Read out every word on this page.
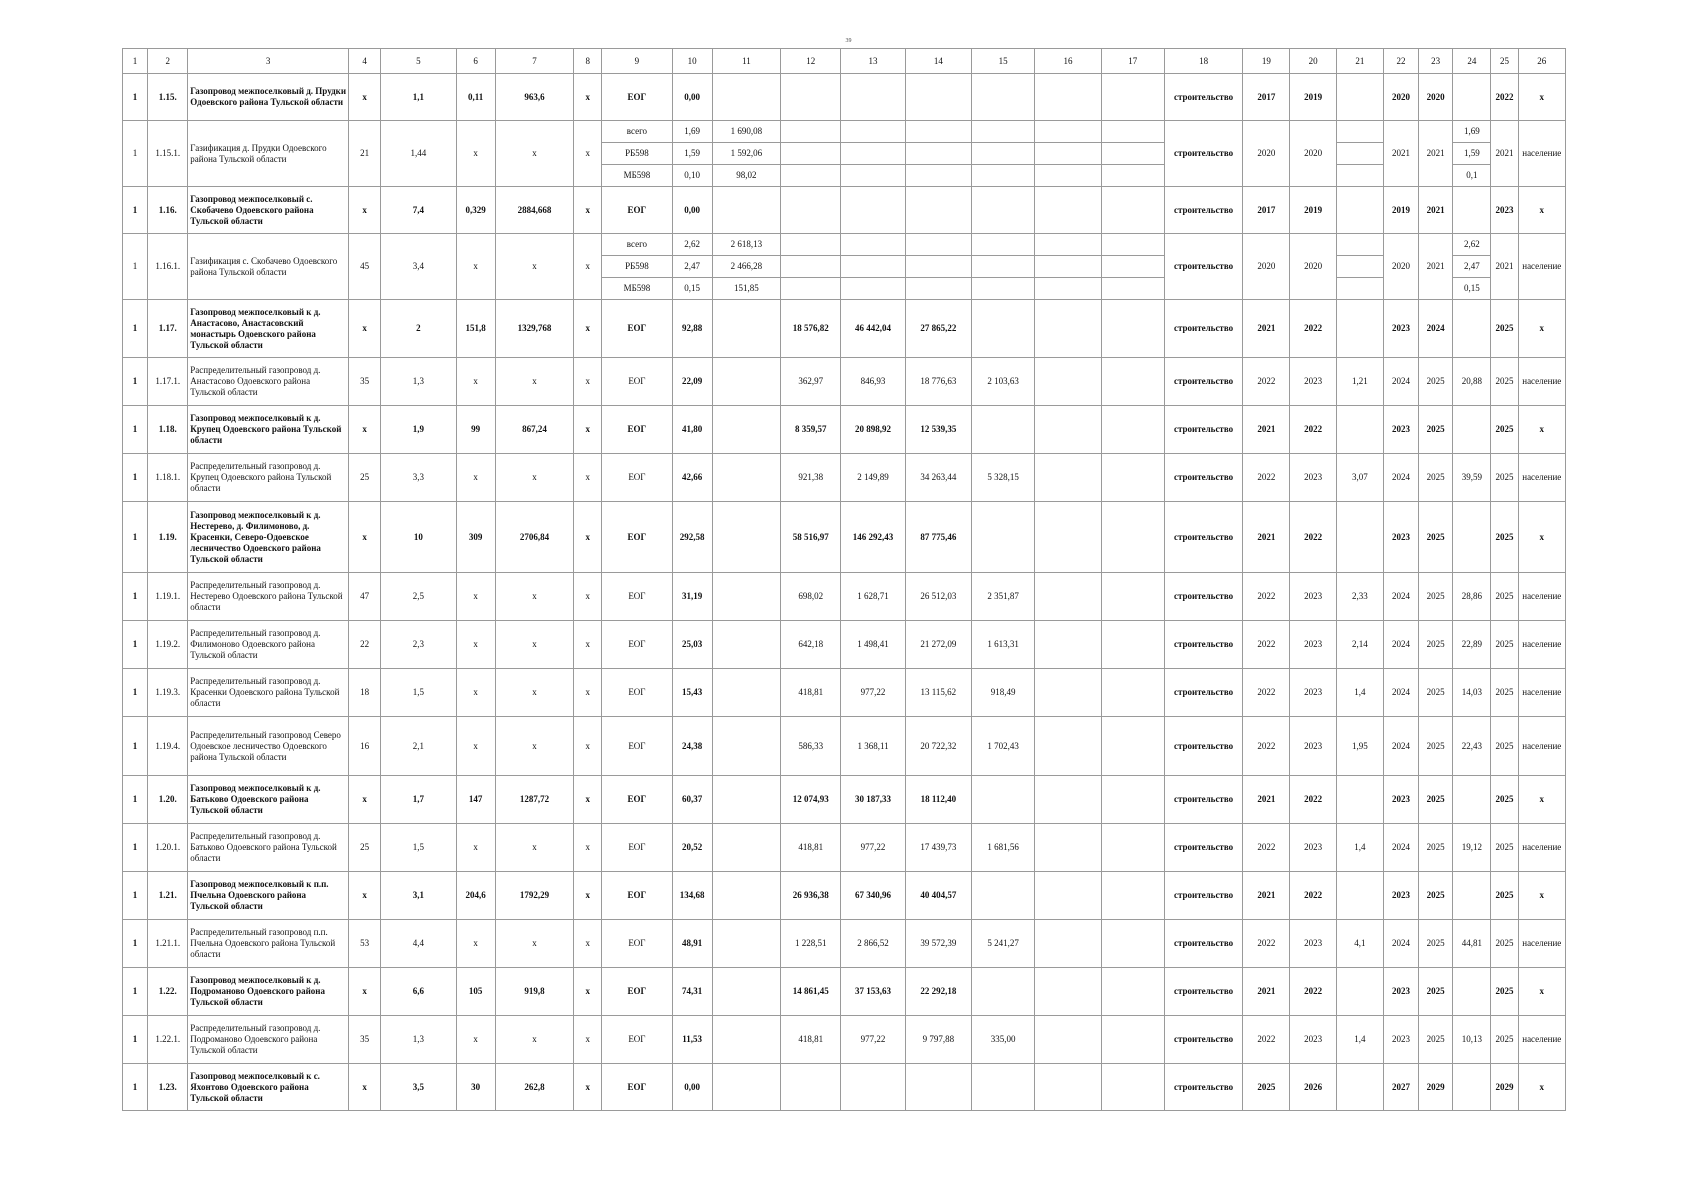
39
1	2	3	4	5	6	7	8	9	10	11	12	13	14	15	16	17	18	19	20	21	22	23	24	25	26
1	1.15.	Газопровод межпоселковый д. Прудки Одоевского района Тульской области	х	1,1	0,11	963,6	х	ЕОГ	0,00								строительство	2017	2019		2020	2020		2022	х
1	1.15.1.	Газификация д. Прудки Одоевского района Тульской области	21	1,44	х	х	х	всего	1,69	1 690,08							строительство	2020	2020		2021	2021	1,69	2021	население
								РБ598	1,59	1 592,06													1,59		
								МБ598	0,10	98,02													0,1		
1	1.16.	Газопровод межпоселковый с. Скобачево Одоевского района Тульской области	х	7,4	0,329	2884,668	х	ЕОГ	0,00								строительство	2017	2019		2019	2021		2023	х
1	1.16.1.	Газификация с. Скобачево Одоевского района Тульской области	45	3,4	х	х	х	всего	2,62	2 618,13							строительство	2020	2020		2020	2021	2,62	2021	население
								РБ598	2,47	2 466,28													2,47		
								МБ598	0,15	151,85													0,15		
1	1.17.	Газопровод межпоселковый к д. Анастасово, Анастасовский монастырь Одоевского района Тульской области	х	2	151,8	1329,768	х	ЕОГ	92,88		18 576,82	46 442,04	27 865,22				строительство	2021	2022		2023	2024		2025	х
1	1.17.1.	Распределительный газопровод д. Анастасово Одоевского района Тульской области	35	1,3	х	х	х	ЕОГ	22,09		362,97	846,93	18 776,63	2 103,63			строительство	2022	2023	1,21	2024	2025	20,88	2025	население
1	1.18.	Газопровод межпоселковый к д. Крупец Одоевского района Тульской области	х	1,9	99	867,24	х	ЕОГ	41,80		8 359,57	20 898,92	12 539,35				строительство	2021	2022		2023	2025		2025	х
1	1.18.1.	Распределительный газопровод д. Крупец Одоевского района Тульской области	25	3,3	х	х	х	ЕОГ	42,66		921,38	2 149,89	34 263,44	5 328,15			строительство	2022	2023	3,07	2024	2025	39,59	2025	население
1	1.19.	Газопровод межпоселковый к д. Нестерево, д. Филимоново, д. Красенки, Северо-Одоевское лесничество Одоевского района Тульской области	х	10	309	2706,84	х	ЕОГ	292,58		58 516,97	146 292,43	87 775,46				строительство	2021	2022		2023	2025		2025	х
1	1.19.1.	Распределительный газопровод д. Нестерево Одоевского района Тульской области	47	2,5	х	х	х	ЕОГ	31,19		698,02	1 628,71	26 512,03	2 351,87			строительство	2022	2023	2,33	2024	2025	28,86	2025	население
1	1.19.2.	Распределительный газопровод д. Филимоново Одоевского района Тульской области	22	2,3	х	х	х	ЕОГ	25,03		642,18	1 498,41	21 272,09	1 613,31			строительство	2022	2023	2,14	2024	2025	22,89	2025	население
1	1.19.3.	Распределительный газопровод д. Красенки Одоевского района Тульской области	18	1,5	х	х	х	ЕОГ	15,43		418,81	977,22	13 115,62	918,49			строительство	2022	2023	1,4	2024	2025	14,03	2025	население
1	1.19.4.	Распределительный газопровод Северо Одоевское лесничество Одоевского района Тульской области	16	2,1	х	х	х	ЕОГ	24,38		586,33	1 368,11	20 722,32	1 702,43			строительство	2022	2023	1,95	2024	2025	22,43	2025	население
1	1.20.	Газопровод межпоселковый к д. Батьково Одоевского района Тульской области	х	1,7	147	1287,72	х	ЕОГ	60,37		12 074,93	30 187,33	18 112,40				строительство	2021	2022		2023	2025		2025	х
1	1.20.1.	Распределительный газопровод д. Батьково Одоевского района Тульской области	25	1,5	х	х	х	ЕОГ	20,52		418,81	977,22	17 439,73	1 681,56			строительство	2022	2023	1,4	2024	2025	19,12	2025	население
1	1.21.	Газопровод межпоселковый к п.п. Пчельна Одоевского района Тульской области	х	3,1	204,6	1792,29	х	ЕОГ	134,68		26 936,38	67 340,96	40 404,57				строительство	2021	2022		2023	2025		2025	х
1	1.21.1.	Распределительный газопровод п.п. Пчельна Одоевского района Тульской области	53	4,4	х	х	х	ЕОГ	48,91		1 228,51	2 866,52	39 572,39	5 241,27			строительство	2022	2023	4,1	2024	2025	44,81	2025	население
1	1.22.	Газопровод межпоселковый к д. Подроманово Одоевского района Тульской области	х	6,6	105	919,8	х	ЕОГ	74,31		14 861,45	37 153,63	22 292,18				строительство	2021	2022		2023	2025		2025	х
1	1.22.1.	Распределительный газопровод д. Подроманово Одоевского района Тульской области	35	1,3	х	х	х	ЕОГ	11,53		418,81	977,22	9 797,88	335,00			строительство	2022	2023	1,4	2023	2025	10,13	2025	население
1	1.23.	Газопровод межпоселковый к с. Яхонтово Одоевского района Тульской области	х	3,5	30	262,8	х	ЕОГ	0,00								строительство	2025	2026		2027	2029		2029	х
